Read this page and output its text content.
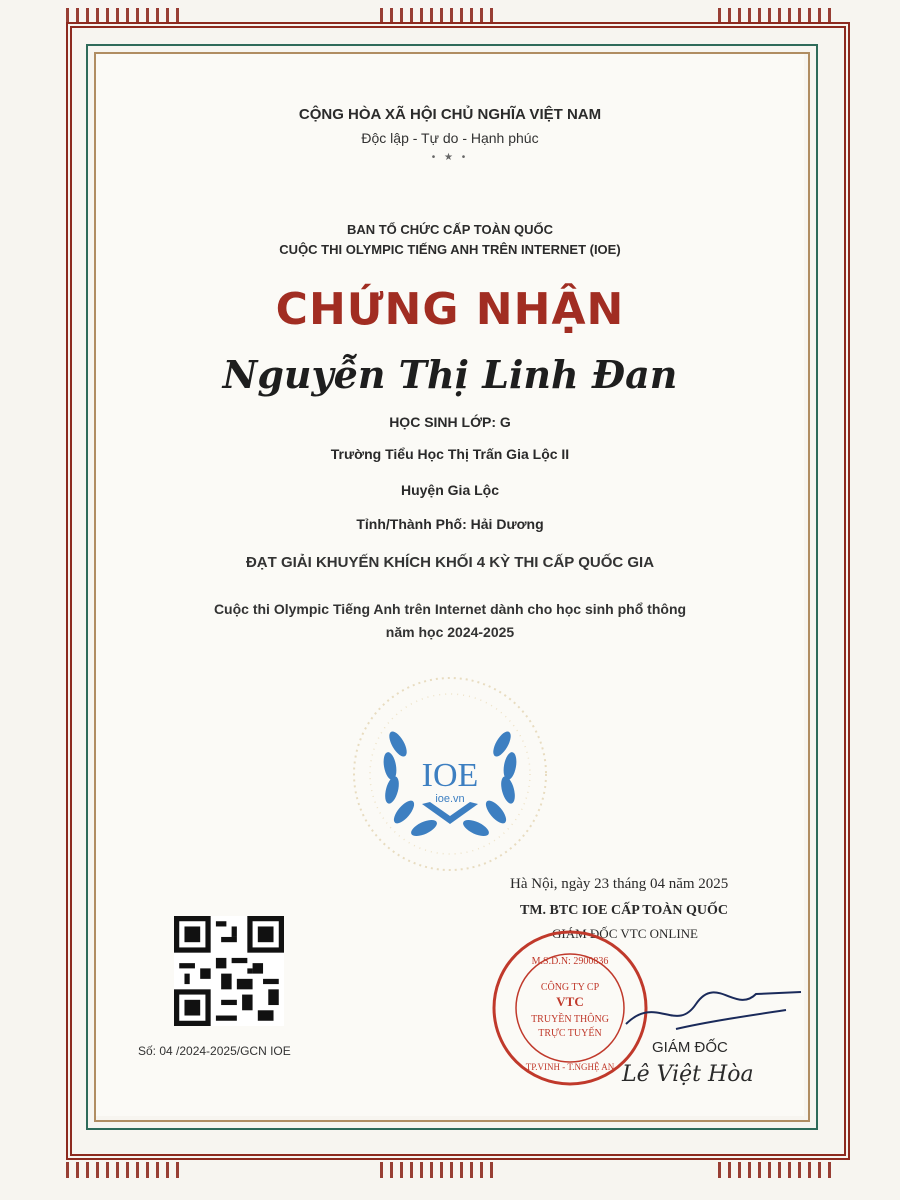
CỘNG HÒA XÃ HỘI CHỦ NGHĨA VIỆT NAM
Độc lập - Tự do - Hạnh phúc
• ★ •
BAN TỔ CHỨC CẤP TOÀN QUỐC
CUỘC THI OLYMPIC TIẾNG ANH TRÊN INTERNET (IOE)
CHỨNG NHẬN
Nguyễn Thị Linh Đan
HỌC SINH LỚP: G
Trường Tiểu Học Thị Trấn Gia Lộc II
Huyện Gia Lộc
Tỉnh/Thành Phố: Hải Dương
ĐẠT GIẢI KHUYẾN KHÍCH KHỐI 4 KỲ THI CẤP QUỐC GIA
Cuộc thi Olympic Tiếng Anh trên Internet dành cho học sinh phổ thông
năm học 2024-2025
IOE
ioe.vn
Số: 04 /2024-2025/GCN IOE
Hà Nội, ngày 23 tháng 04 năm 2025
TM. BTC IOE CẤP TOÀN QUỐC
GIÁM ĐỐC VTC ONLINE
M.S.D.N: 2900836
CÔNG TY CP
VTC
TRUYỀN THÔNG
TRỰC TUYẾN
TP.VINH - T.NGHỆ AN
GIÁM ĐỐC
Lê Việt Hòa
